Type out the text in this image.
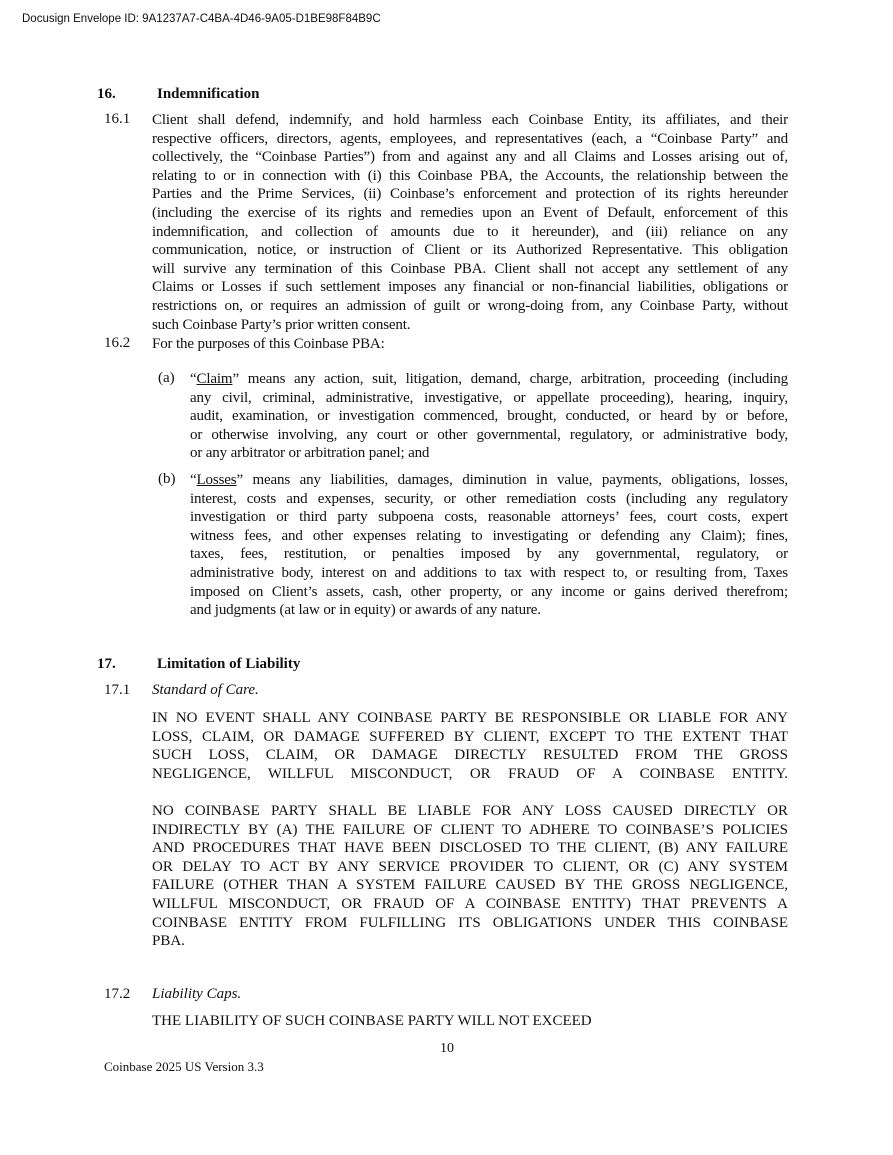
Docusign Envelope ID: 9A1237A7-C4BA-4D46-9A05-D1BE98F84B9C
16.	Indemnification
16.1 Client shall defend, indemnify, and hold harmless each Coinbase Entity, its affiliates, and their
respective officers, directors, agents, employees, and representatives (each, a “Coinbase Party” and
collectively, the “Coinbase Parties”) from and against any and all Claims and Losses arising out of,
relating to or in connection with (i) this Coinbase PBA, the Accounts, the relationship between the
Parties and the Prime Services, (ii) Coinbase’s enforcement and protection of its rights hereunder
(including the exercise of its rights and remedies upon an Event of Default, enforcement of this
indemnification, and collection of amounts due to it hereunder), and (iii) reliance on any
communication, notice, or instruction of Client or its Authorized Representative. This obligation
will survive any termination of this Coinbase PBA. Client shall not accept any settlement of any
Claims or Losses if such settlement imposes any financial or non-financial liabilities, obligations or
restrictions on, or requires an admission of guilt or wrong-doing from, any Coinbase Party, without
such Coinbase Party’s prior written consent.
16.2 For the purposes of this Coinbase PBA:
(a) “Claim” means any action, suit, litigation, demand, charge, arbitration, proceeding (including
any civil, criminal, administrative, investigative, or appellate proceeding), hearing, inquiry,
audit, examination, or investigation commenced, brought, conducted, or heard by or before,
or otherwise involving, any court or other governmental, regulatory, or administrative body,
or any arbitrator or arbitration panel; and
(b) “Losses” means any liabilities, damages, diminution in value, payments, obligations, losses,
interest, costs and expenses, security, or other remediation costs (including any regulatory
investigation or third party subpoena costs, reasonable attorneys’ fees, court costs, expert
witness fees, and other expenses relating to investigating or defending any Claim); fines,
taxes, fees, restitution, or penalties imposed by any governmental, regulatory, or
administrative body, interest on and additions to tax with respect to, or resulting from, Taxes
imposed on Client’s assets, cash, other property, or any income or gains derived therefrom;
and judgments (at law or in equity) or awards of any nature.
17.	Limitation of Liability
17.1 Standard of Care.
IN NO EVENT SHALL ANY COINBASE PARTY BE RESPONSIBLE OR LIABLE FOR ANY
LOSS, CLAIM, OR DAMAGE SUFFERED BY CLIENT, EXCEPT TO THE EXTENT THAT
SUCH LOSS, CLAIM, OR DAMAGE DIRECTLY RESULTED FROM THE GROSS
NEGLIGENCE, WILLFUL MISCONDUCT, OR FRAUD OF A COINBASE ENTITY.
NO COINBASE PARTY SHALL BE LIABLE FOR ANY LOSS CAUSED DIRECTLY OR
INDIRECTLY BY (A) THE FAILURE OF CLIENT TO ADHERE TO COINBASE’S POLICIES
AND PROCEDURES THAT HAVE BEEN DISCLOSED TO THE CLIENT, (B) ANY FAILURE
OR DELAY TO ACT BY ANY SERVICE PROVIDER TO CLIENT, OR (C) ANY SYSTEM
FAILURE (OTHER THAN A SYSTEM FAILURE CAUSED BY THE GROSS NEGLIGENCE,
WILLFUL MISCONDUCT, OR FRAUD OF A COINBASE ENTITY) THAT PREVENTS A
COINBASE ENTITY FROM FULFILLING ITS OBLIGATIONS UNDER THIS COINBASE
PBA.
17.2 Liability Caps.
THE LIABILITY OF SUCH COINBASE PARTY WILL NOT EXCEED
10
Coinbase 2025 US Version 3.3
